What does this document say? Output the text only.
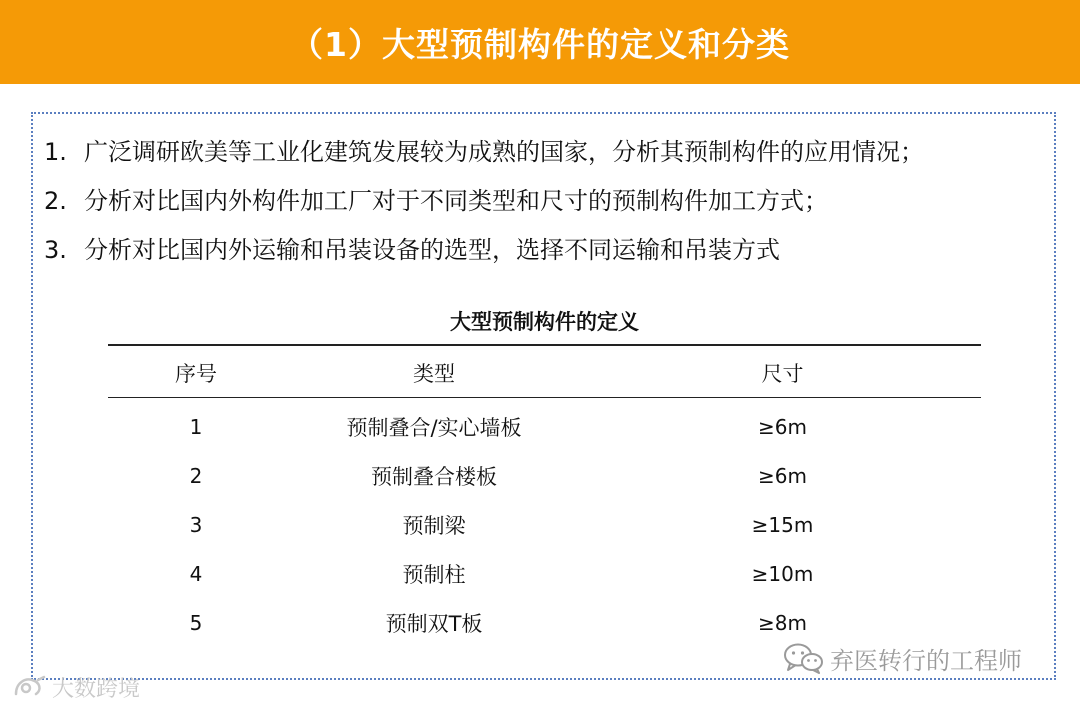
（1）大型预制构件的定义和分类
1. 广泛调研欧美等工业化建筑发展较为成熟的国家，分析其预制构件的应用情况；
2. 分析对比国内外构件加工厂对于不同类型和尺寸的预制构件加工方式；
3. 分析对比国内外运输和吊装设备的选型，选择不同运输和吊装方式
大型预制构件的定义
序号	类型	尺寸
1	预制叠合/实心墙板	≥6m
2	预制叠合楼板	≥6m
3	预制梁	≥15m
4	预制柱	≥10m
5	预制双T板	≥8m
弃医转行的工程师
大数跨境
